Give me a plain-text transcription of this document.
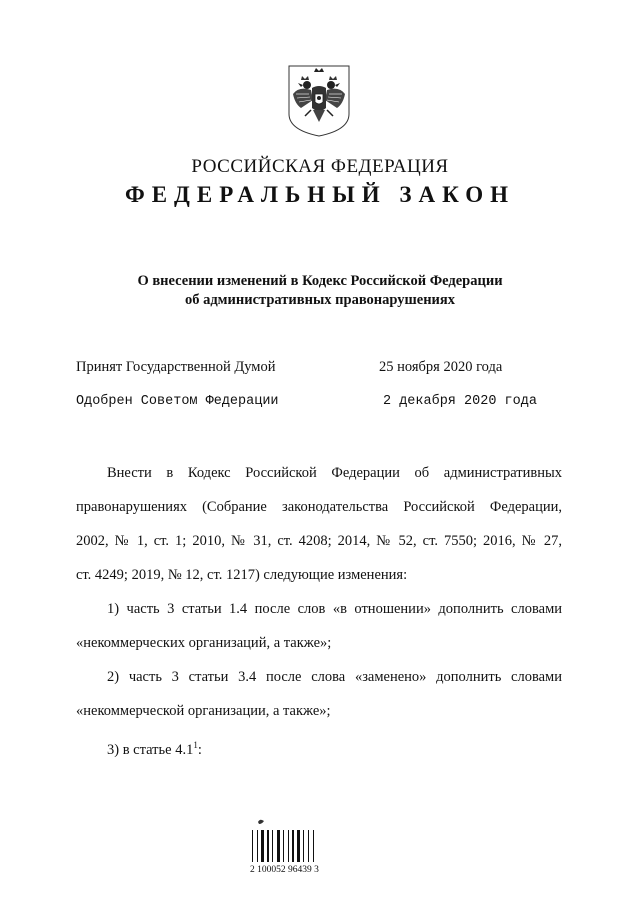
РОССИЙСКАЯ ФЕДЕРАЦИЯ
ФЕДЕРАЛЬНЫЙ ЗАКОН
О внесении изменений в Кодекс Российской Федерации
об административных правонарушениях
Принят Государственной Думой	25 ноября 2020 года
Одобрен Советом Федерации	2 декабря 2020 года
Внести в Кодекс Российской Федерации об административных
правонарушениях (Собрание законодательства Российской Федерации,
2002, № 1, ст. 1; 2010, № 31, ст. 4208; 2014, № 52, ст. 7550; 2016, № 27,
ст. 4249; 2019, № 12, ст. 1217) следующие изменения:
1) часть 3 статьи 1.4 после слов «в отношении» дополнить словами
«некоммерческих организаций, а также»;
2) часть 3 статьи 3.4 после слова «заменено» дополнить словами
«некоммерческой организации, а также»;
3) в статье $4.1^1$:
2 100052 96439 3
